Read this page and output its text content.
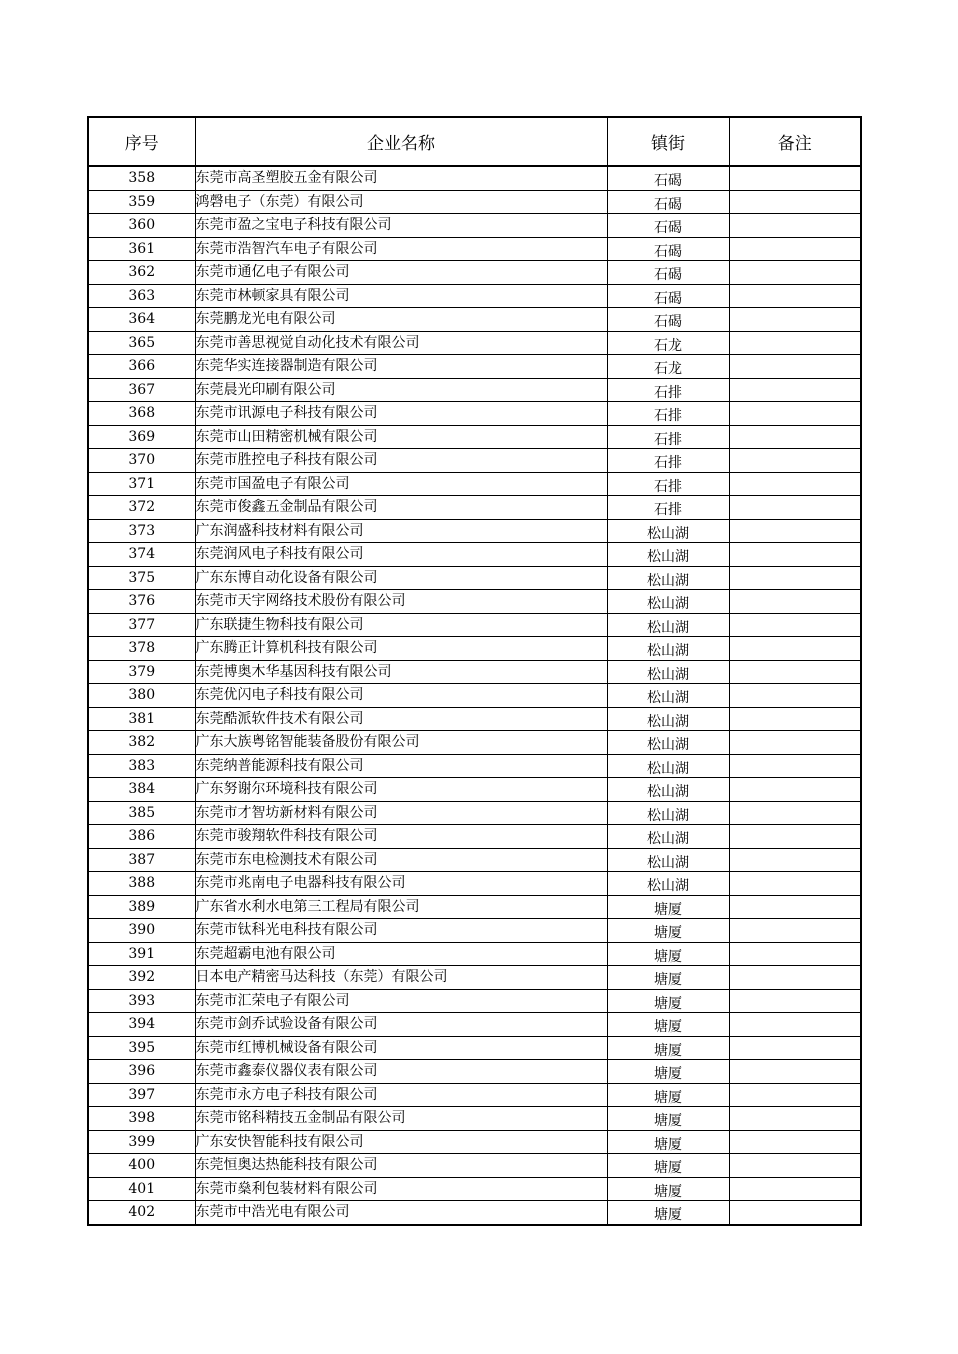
序号	企业名称	镇街	备注
358	东莞市高圣塑胶五金有限公司	石碣	
359	鸿磬电子（东莞）有限公司	石碣	
360	东莞市盈之宝电子科技有限公司	石碣	
361	东莞市浩智汽车电子有限公司	石碣	
362	东莞市通亿电子有限公司	石碣	
363	东莞市林顿家具有限公司	石碣	
364	东莞鹏龙光电有限公司	石碣	
365	东莞市善思视觉自动化技术有限公司	石龙	
366	东莞华实连接器制造有限公司	石龙	
367	东莞晨光印刷有限公司	石排	
368	东莞市讯源电子科技有限公司	石排	
369	东莞市山田精密机械有限公司	石排	
370	东莞市胜控电子科技有限公司	石排	
371	东莞市国盈电子有限公司	石排	
372	东莞市俊鑫五金制品有限公司	石排	
373	广东润盛科技材料有限公司	松山湖	
374	东莞润风电子科技有限公司	松山湖	
375	广东东博自动化设备有限公司	松山湖	
376	东莞市天宇网络技术股份有限公司	松山湖	
377	广东联捷生物科技有限公司	松山湖	
378	广东腾正计算机科技有限公司	松山湖	
379	东莞博奥木华基因科技有限公司	松山湖	
380	东莞优闪电子科技有限公司	松山湖	
381	东莞酷派软件技术有限公司	松山湖	
382	广东大族粤铭智能装备股份有限公司	松山湖	
383	东莞纳普能源科技有限公司	松山湖	
384	广东努谢尔环境科技有限公司	松山湖	
385	东莞市才智坊新材料有限公司	松山湖	
386	东莞市骏翔软件科技有限公司	松山湖	
387	东莞市东电检测技术有限公司	松山湖	
388	东莞市兆南电子电器科技有限公司	松山湖	
389	广东省水利水电第三工程局有限公司	塘厦	
390	东莞市钛科光电科技有限公司	塘厦	
391	东莞超霸电池有限公司	塘厦	
392	日本电产精密马达科技（东莞）有限公司	塘厦	
393	东莞市汇荣电子有限公司	塘厦	
394	东莞市剑乔试验设备有限公司	塘厦	
395	东莞市红博机械设备有限公司	塘厦	
396	东莞市鑫泰仪器仪表有限公司	塘厦	
397	东莞市永方电子科技有限公司	塘厦	
398	东莞市铭科精技五金制品有限公司	塘厦	
399	广东安快智能科技有限公司	塘厦	
400	东莞恒奥达热能科技有限公司	塘厦	
401	东莞市燊利包装材料有限公司	塘厦	
402	东莞市中浩光电有限公司	塘厦	
